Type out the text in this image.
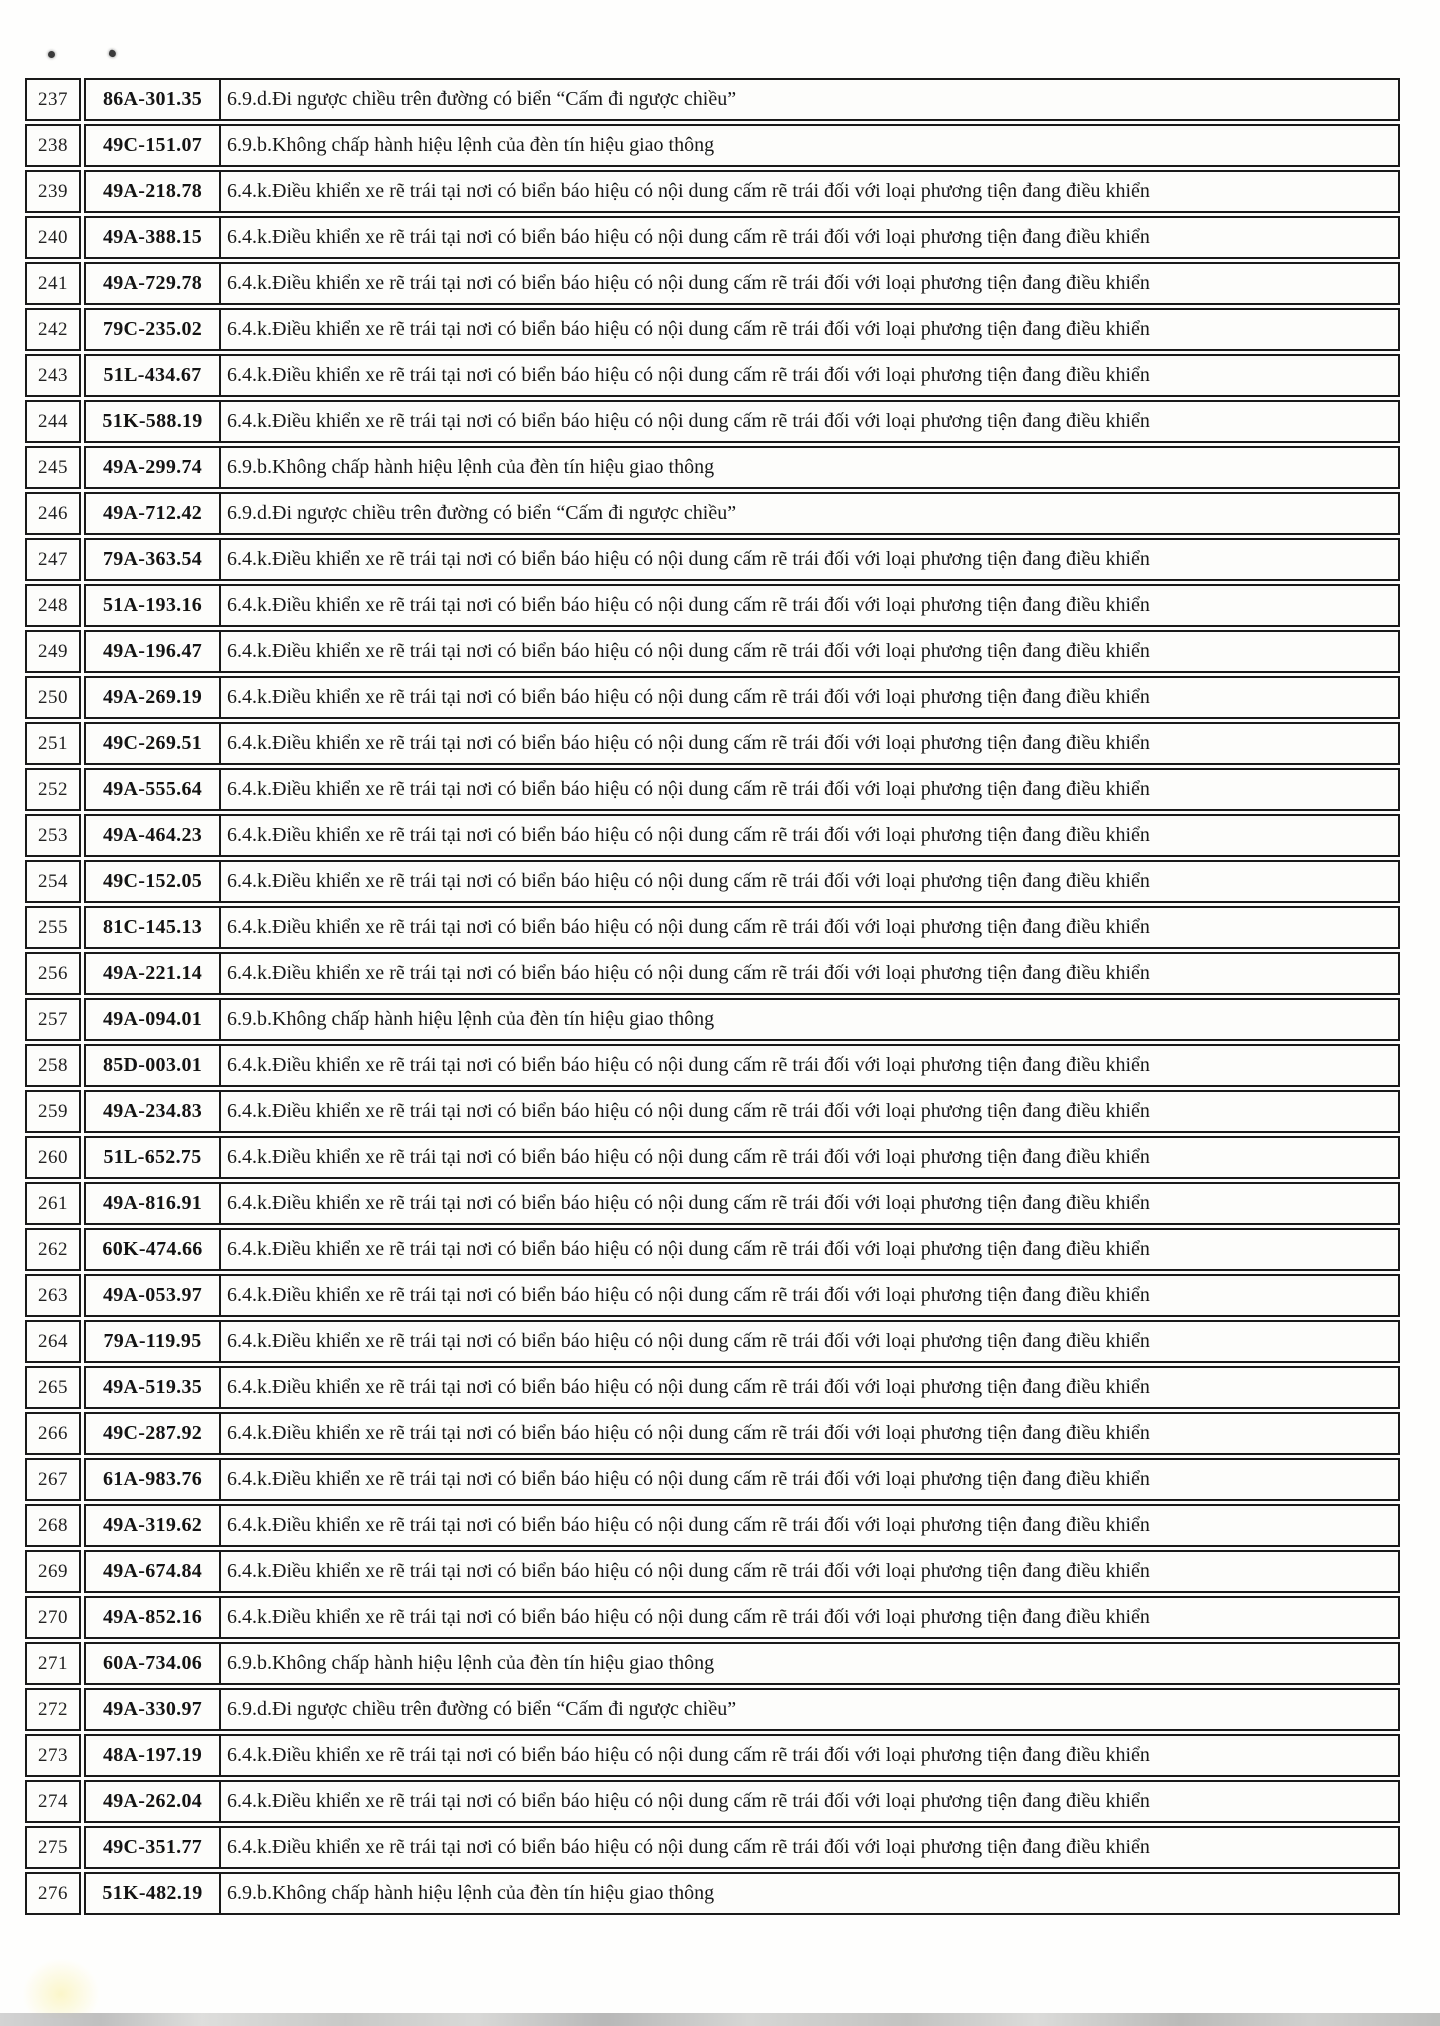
237	86A-301.35	6.9.d.Đi ngược chiều trên đường có biển “Cấm đi ngược chiều”
238	49C-151.07	6.9.b.Không chấp hành hiệu lệnh của đèn tín hiệu giao thông
239	49A-218.78	6.4.k.Điều khiển xe rẽ trái tại nơi có biển báo hiệu có nội dung cấm rẽ trái đối với loại phương tiện đang điều khiển
240	49A-388.15	6.4.k.Điều khiển xe rẽ trái tại nơi có biển báo hiệu có nội dung cấm rẽ trái đối với loại phương tiện đang điều khiển
241	49A-729.78	6.4.k.Điều khiển xe rẽ trái tại nơi có biển báo hiệu có nội dung cấm rẽ trái đối với loại phương tiện đang điều khiển
242	79C-235.02	6.4.k.Điều khiển xe rẽ trái tại nơi có biển báo hiệu có nội dung cấm rẽ trái đối với loại phương tiện đang điều khiển
243	51L-434.67	6.4.k.Điều khiển xe rẽ trái tại nơi có biển báo hiệu có nội dung cấm rẽ trái đối với loại phương tiện đang điều khiển
244	51K-588.19	6.4.k.Điều khiển xe rẽ trái tại nơi có biển báo hiệu có nội dung cấm rẽ trái đối với loại phương tiện đang điều khiển
245	49A-299.74	6.9.b.Không chấp hành hiệu lệnh của đèn tín hiệu giao thông
246	49A-712.42	6.9.d.Đi ngược chiều trên đường có biển “Cấm đi ngược chiều”
247	79A-363.54	6.4.k.Điều khiển xe rẽ trái tại nơi có biển báo hiệu có nội dung cấm rẽ trái đối với loại phương tiện đang điều khiển
248	51A-193.16	6.4.k.Điều khiển xe rẽ trái tại nơi có biển báo hiệu có nội dung cấm rẽ trái đối với loại phương tiện đang điều khiển
249	49A-196.47	6.4.k.Điều khiển xe rẽ trái tại nơi có biển báo hiệu có nội dung cấm rẽ trái đối với loại phương tiện đang điều khiển
250	49A-269.19	6.4.k.Điều khiển xe rẽ trái tại nơi có biển báo hiệu có nội dung cấm rẽ trái đối với loại phương tiện đang điều khiển
251	49C-269.51	6.4.k.Điều khiển xe rẽ trái tại nơi có biển báo hiệu có nội dung cấm rẽ trái đối với loại phương tiện đang điều khiển
252	49A-555.64	6.4.k.Điều khiển xe rẽ trái tại nơi có biển báo hiệu có nội dung cấm rẽ trái đối với loại phương tiện đang điều khiển
253	49A-464.23	6.4.k.Điều khiển xe rẽ trái tại nơi có biển báo hiệu có nội dung cấm rẽ trái đối với loại phương tiện đang điều khiển
254	49C-152.05	6.4.k.Điều khiển xe rẽ trái tại nơi có biển báo hiệu có nội dung cấm rẽ trái đối với loại phương tiện đang điều khiển
255	81C-145.13	6.4.k.Điều khiển xe rẽ trái tại nơi có biển báo hiệu có nội dung cấm rẽ trái đối với loại phương tiện đang điều khiển
256	49A-221.14	6.4.k.Điều khiển xe rẽ trái tại nơi có biển báo hiệu có nội dung cấm rẽ trái đối với loại phương tiện đang điều khiển
257	49A-094.01	6.9.b.Không chấp hành hiệu lệnh của đèn tín hiệu giao thông
258	85D-003.01	6.4.k.Điều khiển xe rẽ trái tại nơi có biển báo hiệu có nội dung cấm rẽ trái đối với loại phương tiện đang điều khiển
259	49A-234.83	6.4.k.Điều khiển xe rẽ trái tại nơi có biển báo hiệu có nội dung cấm rẽ trái đối với loại phương tiện đang điều khiển
260	51L-652.75	6.4.k.Điều khiển xe rẽ trái tại nơi có biển báo hiệu có nội dung cấm rẽ trái đối với loại phương tiện đang điều khiển
261	49A-816.91	6.4.k.Điều khiển xe rẽ trái tại nơi có biển báo hiệu có nội dung cấm rẽ trái đối với loại phương tiện đang điều khiển
262	60K-474.66	6.4.k.Điều khiển xe rẽ trái tại nơi có biển báo hiệu có nội dung cấm rẽ trái đối với loại phương tiện đang điều khiển
263	49A-053.97	6.4.k.Điều khiển xe rẽ trái tại nơi có biển báo hiệu có nội dung cấm rẽ trái đối với loại phương tiện đang điều khiển
264	79A-119.95	6.4.k.Điều khiển xe rẽ trái tại nơi có biển báo hiệu có nội dung cấm rẽ trái đối với loại phương tiện đang điều khiển
265	49A-519.35	6.4.k.Điều khiển xe rẽ trái tại nơi có biển báo hiệu có nội dung cấm rẽ trái đối với loại phương tiện đang điều khiển
266	49C-287.92	6.4.k.Điều khiển xe rẽ trái tại nơi có biển báo hiệu có nội dung cấm rẽ trái đối với loại phương tiện đang điều khiển
267	61A-983.76	6.4.k.Điều khiển xe rẽ trái tại nơi có biển báo hiệu có nội dung cấm rẽ trái đối với loại phương tiện đang điều khiển
268	49A-319.62	6.4.k.Điều khiển xe rẽ trái tại nơi có biển báo hiệu có nội dung cấm rẽ trái đối với loại phương tiện đang điều khiển
269	49A-674.84	6.4.k.Điều khiển xe rẽ trái tại nơi có biển báo hiệu có nội dung cấm rẽ trái đối với loại phương tiện đang điều khiển
270	49A-852.16	6.4.k.Điều khiển xe rẽ trái tại nơi có biển báo hiệu có nội dung cấm rẽ trái đối với loại phương tiện đang điều khiển
271	60A-734.06	6.9.b.Không chấp hành hiệu lệnh của đèn tín hiệu giao thông
272	49A-330.97	6.9.d.Đi ngược chiều trên đường có biển “Cấm đi ngược chiều”
273	48A-197.19	6.4.k.Điều khiển xe rẽ trái tại nơi có biển báo hiệu có nội dung cấm rẽ trái đối với loại phương tiện đang điều khiển
274	49A-262.04	6.4.k.Điều khiển xe rẽ trái tại nơi có biển báo hiệu có nội dung cấm rẽ trái đối với loại phương tiện đang điều khiển
275	49C-351.77	6.4.k.Điều khiển xe rẽ trái tại nơi có biển báo hiệu có nội dung cấm rẽ trái đối với loại phương tiện đang điều khiển
276	51K-482.19	6.9.b.Không chấp hành hiệu lệnh của đèn tín hiệu giao thông
